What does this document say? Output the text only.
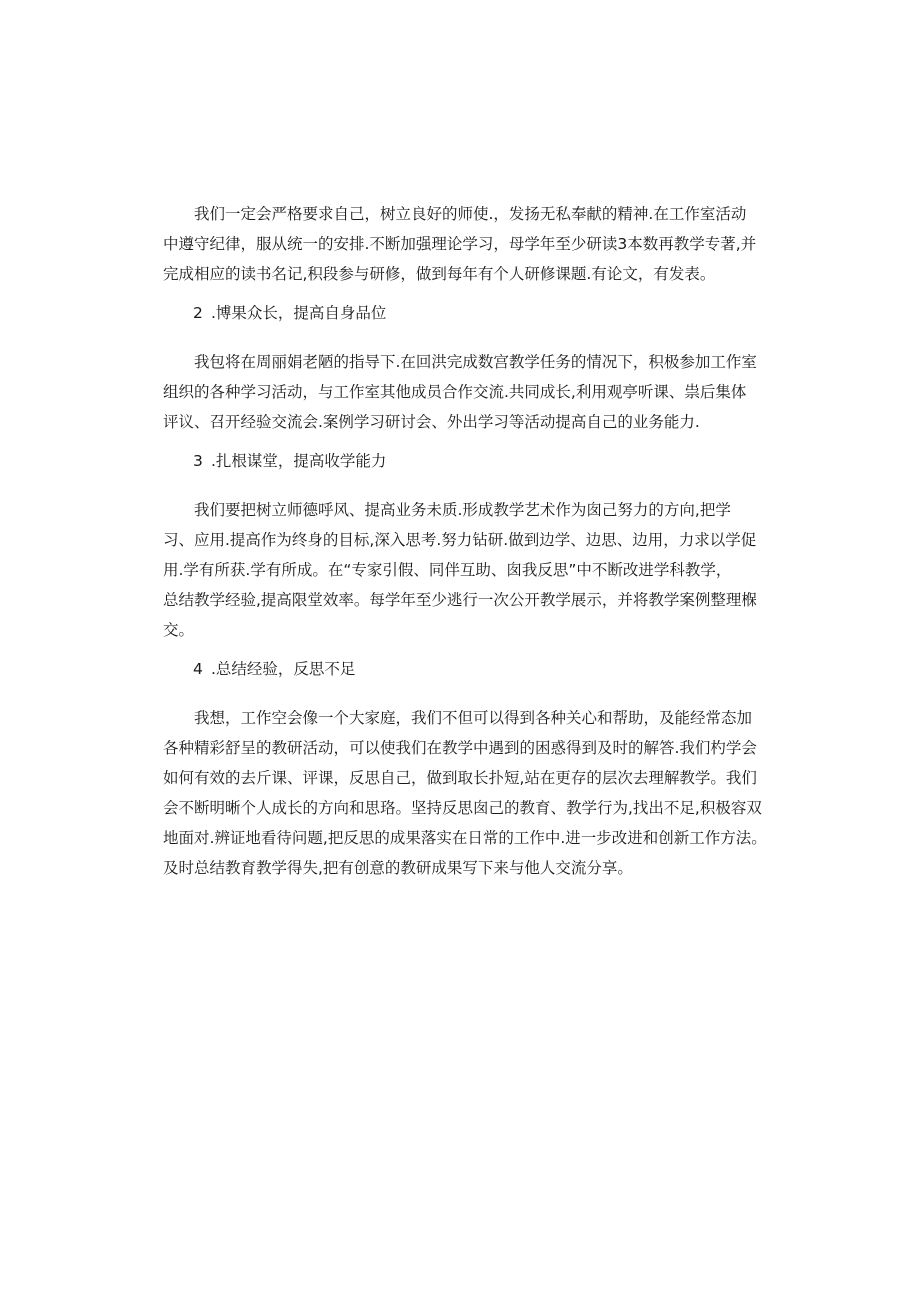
　　我们一定会严格要求自己，树立良好的师使.，发扬无私奉献的精神.在工作室活动
中遵守纪律，服从统一的安排.不断加强理论学习，母学年至少研读3本数再教学专著,并
完成相应的读书名记,积段参与研修，做到每年有个人研修课题.有论文，有发表。

2 .博果众长，提高自身品位

　　我包将在周丽娟老陋的指导下.在回洪完成数宫教学任务的情况下，积极参加工作室
组织的各种学习活动，与工作室其他成员合作交流.共同成长,利用观亭听课、祟后集体
评议、召开经验交流会.案例学习研讨会、外出学习等活动提高自己的业务能力.

3 .扎根谋堂，提高收学能力

　　我们要把树立师德呼风、提高业务未质.形成教学艺术作为囱己努力的方向,把学
习、应用.提高作为终身的目标,深入思考.努力钻研.做到边学、边思、边用，力求以学促
用.学有所获.学有所成。在“专家引假、同伴互助、囱我反思”中不断改进学科教学，
总结教学经验,提高限堂效率。每学年至少逃行一次公开教学展示，并将教学案例整理椺
交。

4 .总结经验，反思不足

　　我想，工作空会像一个大家庭，我们不但可以得到各种关心和帮助，及能经常态加
各种精彩舒呈的教研活动，可以使我们在教学中遇到的困惑得到及时的解答.我们杓学会
如何有效的去斤课、评课，反思自己，做到取长扑短,站在更存的层次去理解教学。我们
会不断明晰个人成长的方向和思珞。坚持反思囱己的教育、教学行为,找出不足,积极容双
地面对.辨证地看待问题,把反思的成果落实在日常的工作中.进一步改进和创新工作方法。
及时总结教育教学得失,把有创意的教研成果写下来与他人交流分享。
